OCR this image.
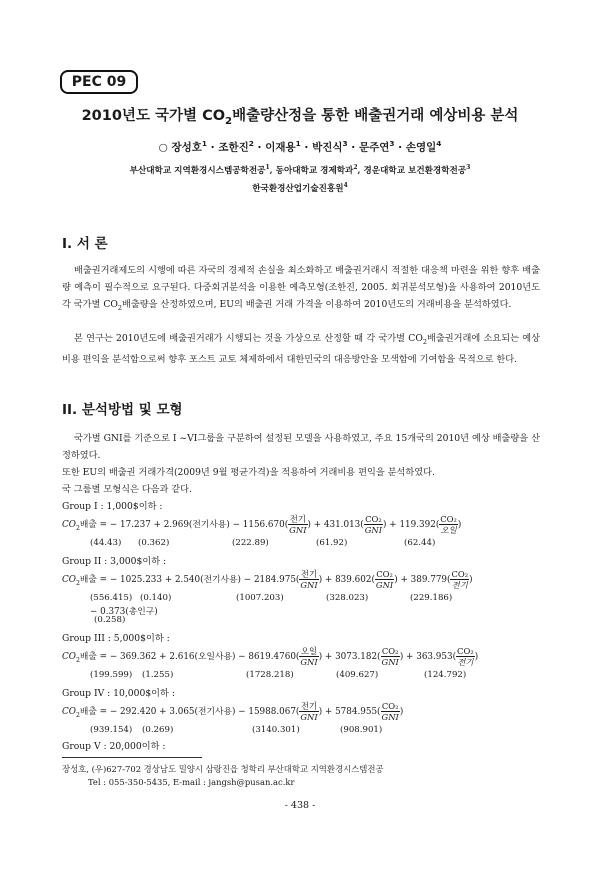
PEC 09
2010년도 국가별 $CO_2$배출량산정을 통한 배출권거래 예상비용 분석
○ 장성호$^1$ · 조한진$^2$ · 이재용$^1$ · 박진식$^3$ · 문주연$^3$ · 손영일$^4$
부산대학교 지역환경시스템공학전공$^1$, 동아대학교 경제학과$^2$, 경운대학교 보건환경학전공$^3$
한국환경산업기술진흥원$^4$
I. 서 론
배출권거래제도의 시행에 따른 자국의 경제적 손실을 최소화하고 배출권거래시 적절한 대응책 마련을 위한 향후 배출량 예측이 필수적으로 요구된다. 다중회귀분석을 이용한 예측모형(조한진, 2005. 회귀분석모형)을 사용하여 2010년도 각 국가별 $CO_2$배출량을 산정하였으며, EU의 배출권 거래 가격을 이용하여 2010년도의 거래비용을 분석하였다.
본 연구는 2010년도에 배출권거래가 시행되는 것을 가상으로 산정할 때 각 국가별 $CO_2$배출권거래에 소요되는 예상 비용 편익을 분석함으로써 향후 포스트 교토 체제하에서 대한민국의 대응방안을 모색함에 기여함을 목적으로 한다.
II. 분석방법 및 모형
국가별 GNI를 기준으로 I ~VI그룹을 구분하여 설정된 모델을 사용하였고, 주요 15개국의 2010년 예상 배출량을 산정하였다.
또한 EU의 배출권 거래가격(2009년 9월 평균가격)을 적용하여 거래비용 편익을 분석하였다.
국 그룹별 모형식은 다음과 같다.
Group I : 1,000$이하 :
$CO_2$배출 = − 17.237 + 2.969(전기사용) − $1156.670( \frac{\text{전기}}{\text{GNI}}$ ) + $431.013( \frac{\text{CO₂}}{\text{GNI}}$ ) + $119.392( \frac{\text{CO₂}}{\text{오일}}$ )
(44.43) (0.362)	(222.89)	(61.92)	(62.44)
Group II : 3,000$이하 :
$CO_2$배출 = − 1025.233 + 2.540(전기사용) − $2184.975( \frac{\text{전기}}{\text{GNI}}$ ) + $839.602( \frac{\text{CO₂}}{\text{GNI}}$ ) + $389.779( \frac{\text{CO₂}}{\text{전기}}$ )
(556.415) (0.140)	(1007.203)	(328.023)	(229.186)
− 0.373(총인구)
(0.258)
Group III : 5,000$이하 :
$CO_2$배출 = − 369.362 + 2.616(오일사용) − $8619.4760( \frac{\text{오일}}{\text{GNI}}$ ) + $3073.182( \frac{\text{CO₂}}{\text{GNI}}$ ) + $363.953( \frac{\text{CO₂}}{\text{전기}}$ )
(199.599) (1.255)	(1728.218)	(409.627)	(124.792)
Group IV : 10,000$이하 :
$CO_2$배출 = − 292.420 + 3.065(전기사용) − $15988.067( \frac{\text{전기}}{\text{GNI}}$ ) + $5784.955( \frac{\text{CO₂}}{\text{GNI}}$ )
(939.154) (0.269)	(3140.301)	(908.901)
Group V : 20,000이하 :
장성호, (우)627-702 경상남도 밀양시 삼랑진읍 청학리 부산대학교 지역환경시스템전공
Tel : 055-350-5435, E-mail : jangsh@pusan.ac.kr
- 438 -
